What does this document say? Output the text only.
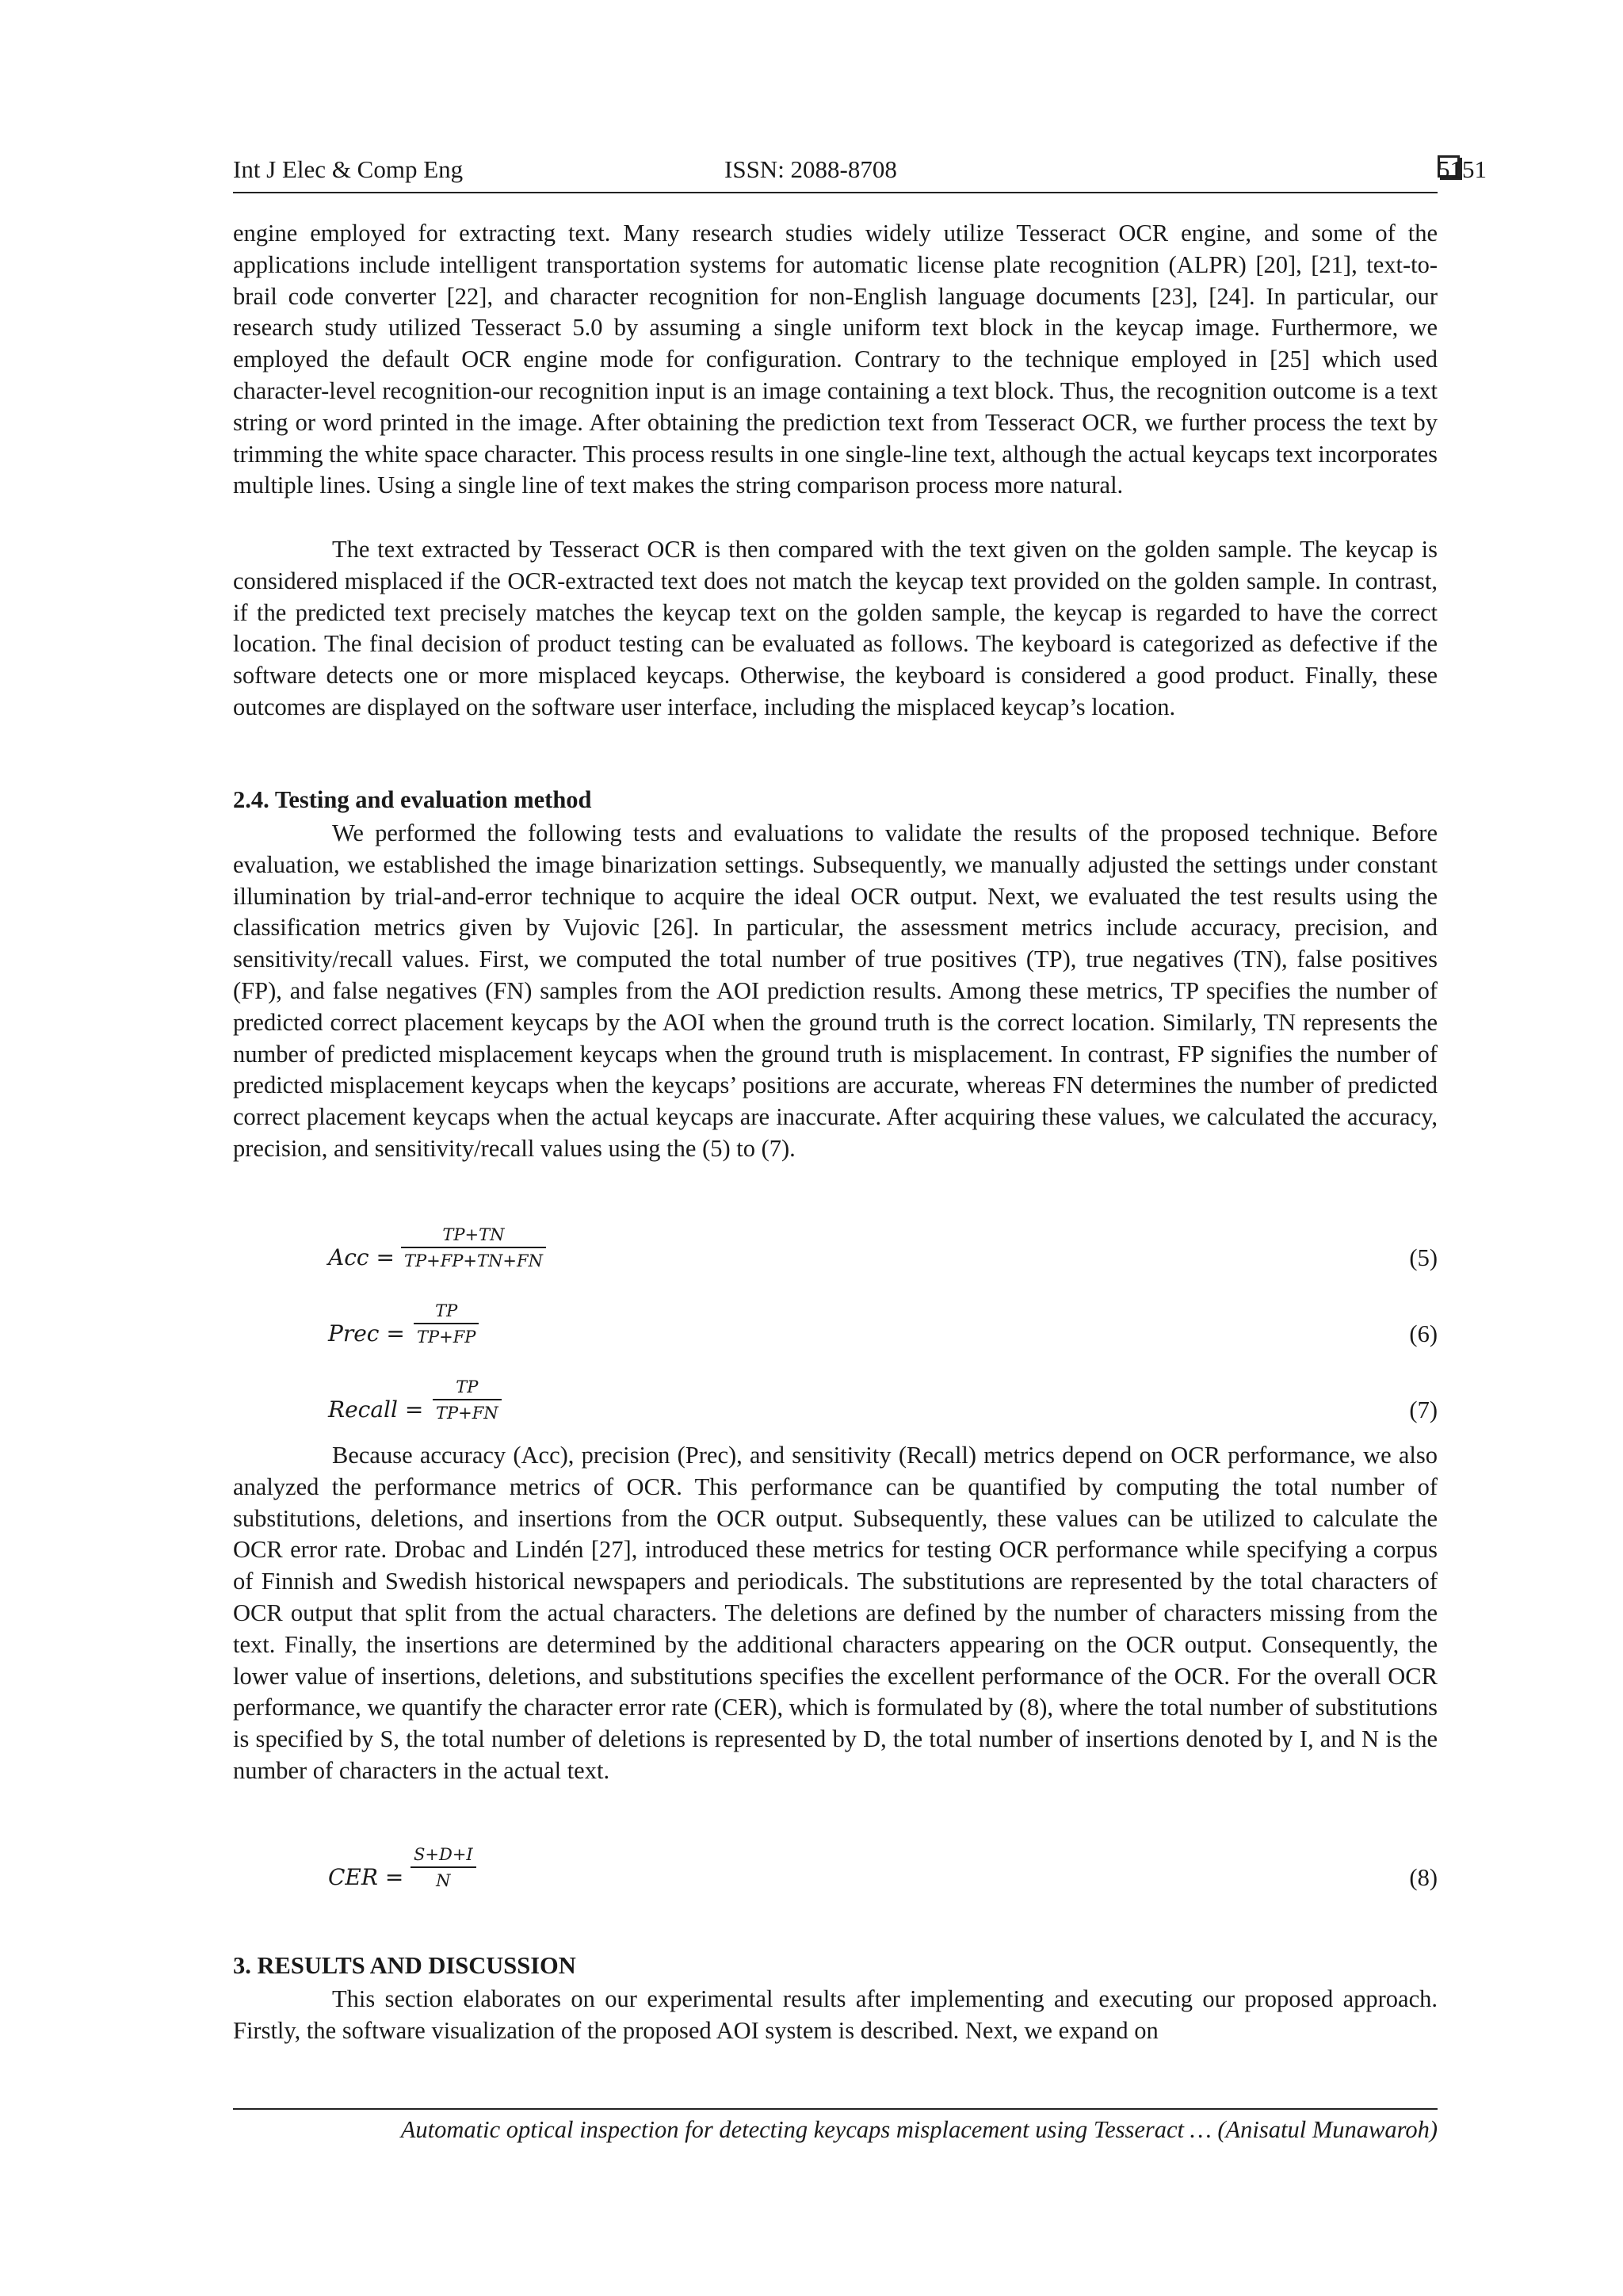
Int J Elec & Comp Eng	ISSN: 2088-8708	5151

engine employed for extracting text. Many research studies widely utilize Tesseract OCR engine, and some of the applications include intelligent transportation systems for automatic license plate recognition (ALPR) [20], [21], text-to-brail code converter [22], and character recognition for non-English language documents [23], [24]. In particular, our research study utilized Tesseract 5.0 by assuming a single uniform text block in the keycap image. Furthermore, we employed the default OCR engine mode for configuration. Contrary to the technique employed in [25] which used character-level recognition-our recognition input is an image containing a text block. Thus, the recognition outcome is a text string or word printed in the image. After obtaining the prediction text from Tesseract OCR, we further process the text by trimming the white space character. This process results in one single-line text, although the actual keycaps text incorporates multiple lines. Using a single line of text makes the string comparison process more natural.

The text extracted by Tesseract OCR is then compared with the text given on the golden sample. The keycap is considered misplaced if the OCR-extracted text does not match the keycap text provided on the golden sample. In contrast, if the predicted text precisely matches the keycap text on the golden sample, the keycap is regarded to have the correct location. The final decision of product testing can be evaluated as follows. The keyboard is categorized as defective if the software detects one or more misplaced keycaps. Otherwise, the keyboard is considered a good product. Finally, these outcomes are displayed on the software user interface, including the misplaced keycap’s location.

2.4. Testing and evaluation method

We performed the following tests and evaluations to validate the results of the proposed technique. Before evaluation, we established the image binarization settings. Subsequently, we manually adjusted the settings under constant illumination by trial-and-error technique to acquire the ideal OCR output. Next, we evaluated the test results using the classification metrics given by Vujovic [26]. In particular, the assessment metrics include accuracy, precision, and sensitivity/recall values. First, we computed the total number of true positives (TP), true negatives (TN), false positives (FP), and false negatives (FN) samples from the AOI prediction results. Among these metrics, TP specifies the number of predicted correct placement keycaps by the AOI when the ground truth is the correct location. Similarly, TN represents the number of predicted misplacement keycaps when the ground truth is misplacement. In contrast, FP signifies the number of predicted misplacement keycaps when the keycaps’ positions are accurate, whereas FN determines the number of predicted correct placement keycaps when the actual keycaps are inaccurate. After acquiring these values, we calculated the accuracy, precision, and sensitivity/recall values using the (5) to (7).

Acc = $\frac{TP+TN}{TP+FP+TN+FN}$	(5)
Prec = $\frac{TP}{TP+FP}$	(6)
Recall = $\frac{TP}{TP+FN}$	(7)

Because accuracy (Acc), precision (Prec), and sensitivity (Recall) metrics depend on OCR performance, we also analyzed the performance metrics of OCR. This performance can be quantified by computing the total number of substitutions, deletions, and insertions from the OCR output. Subsequently, these values can be utilized to calculate the OCR error rate. Drobac and Lindén [27], introduced these metrics for testing OCR performance while specifying a corpus of Finnish and Swedish historical newspapers and periodicals. The substitutions are represented by the total characters of OCR output that split from the actual characters. The deletions are defined by the number of characters missing from the text. Finally, the insertions are determined by the additional characters appearing on the OCR output. Consequently, the lower value of insertions, deletions, and substitutions specifies the excellent performance of the OCR. For the overall OCR performance, we quantify the character error rate (CER), which is formulated by (8), where the total number of substitutions is specified by S, the total number of deletions is represented by D, the total number of insertions denoted by I, and N is the number of characters in the actual text.

CER = $\frac{S+D+I}{N}$	(8)
3. RESULTS AND DISCUSSION

This section elaborates on our experimental results after implementing and executing our proposed approach. Firstly, the software visualization of the proposed AOI system is described. Next, we expand on

Automatic optical inspection for detecting keycaps misplacement using Tesseract … (Anisatul Munawaroh)
